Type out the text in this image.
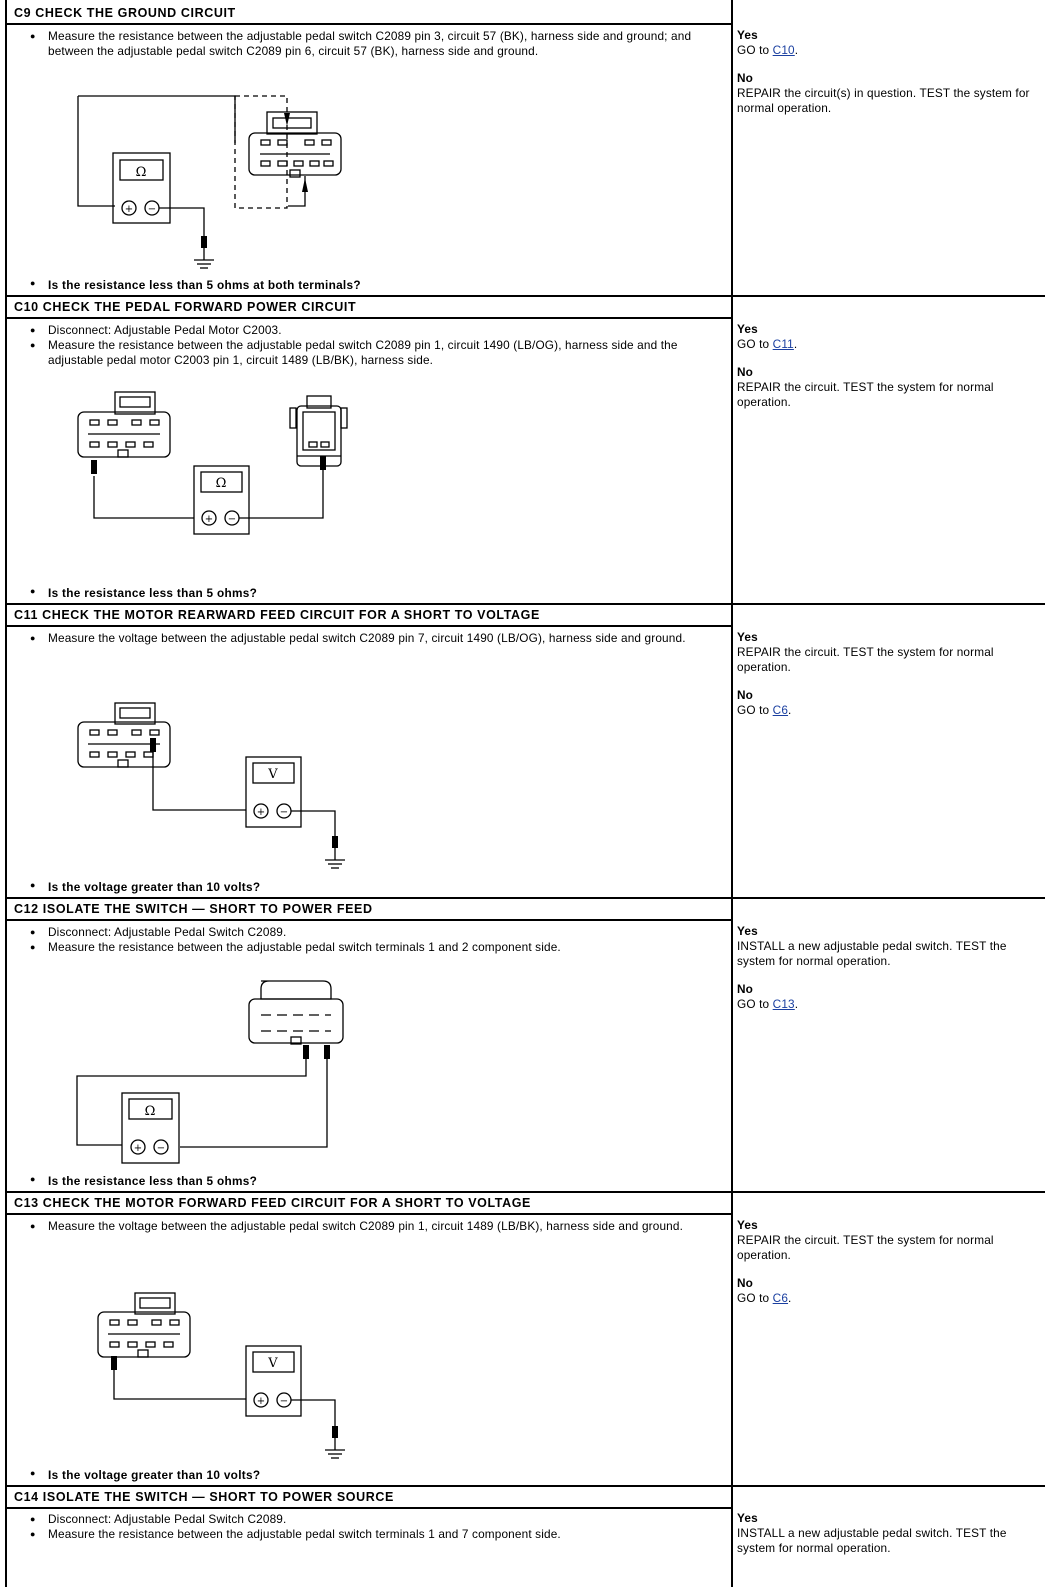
C9 CHECK THE GROUND CIRCUIT
● Measure the resistance between the adjustable pedal switch C2089 pin 3, circuit 57 (BK), harness side and ground; and between the adjustable pedal switch C2089 pin 6, circuit 57 (BK), harness side and ground.
Ω
+ −
● Is the resistance less than 5 ohms at both terminals?
Yes
GO to C10.
No
REPAIR the circuit(s) in question. TEST the system for normal operation.
C10 CHECK THE PEDAL FORWARD POWER CIRCUIT
● Disconnect: Adjustable Pedal Motor C2003.
● Measure the resistance between the adjustable pedal switch C2089 pin 1, circuit 1490 (LB/OG), harness side and the adjustable pedal motor C2003 pin 1, circuit 1489 (LB/BK), harness side.
Ω
+ −
● Is the resistance less than 5 ohms?
Yes
GO to C11.
No
REPAIR the circuit. TEST the system for normal operation.
C11 CHECK THE MOTOR REARWARD FEED CIRCUIT FOR A SHORT TO VOLTAGE
● Measure the voltage between the adjustable pedal switch C2089 pin 7, circuit 1490 (LB/OG), harness side and ground.
V
+ −
● Is the voltage greater than 10 volts?
Yes
REPAIR the circuit. TEST the system for normal operation.
No
GO to C6.
C12 ISOLATE THE SWITCH — SHORT TO POWER FEED
● Disconnect: Adjustable Pedal Switch C2089.
● Measure the resistance between the adjustable pedal switch terminals 1 and 2 component side.
Ω
+ −
● Is the resistance less than 5 ohms?
Yes
INSTALL a new adjustable pedal switch. TEST the system for normal operation.
No
GO to C13.
C13 CHECK THE MOTOR FORWARD FEED CIRCUIT FOR A SHORT TO VOLTAGE
● Measure the voltage between the adjustable pedal switch C2089 pin 1, circuit 1489 (LB/BK), harness side and ground.
V
+ −
● Is the voltage greater than 10 volts?
Yes
REPAIR the circuit. TEST the system for normal operation.
No
GO to C6.
C14 ISOLATE THE SWITCH — SHORT TO POWER SOURCE
● Disconnect: Adjustable Pedal Switch C2089.
● Measure the resistance between the adjustable pedal switch terminals 1 and 7 component side.
Yes
INSTALL a new adjustable pedal switch. TEST the system for normal operation.
